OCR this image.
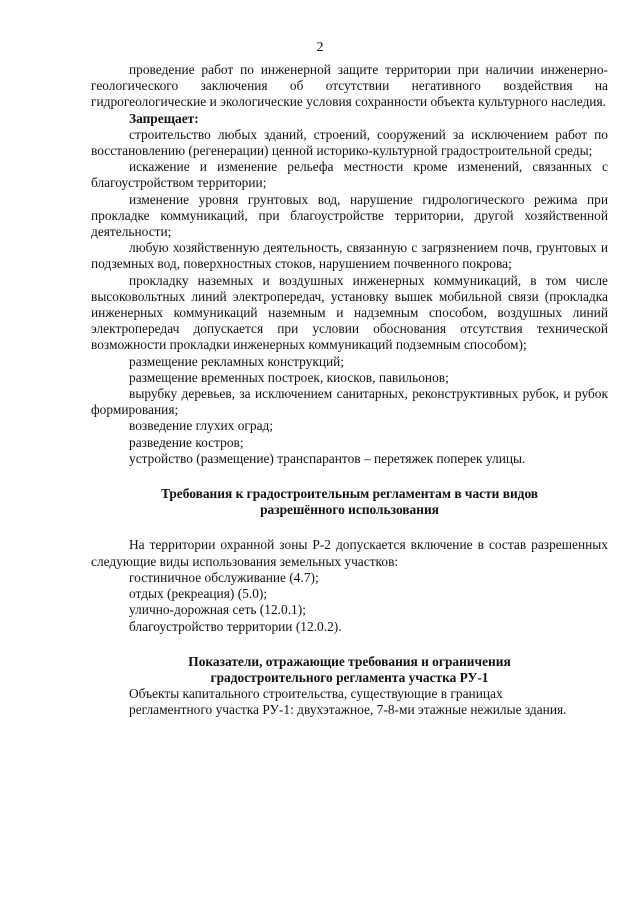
2

проведение работ по инженерной защите территории при наличии инженерно-геологического заключения об отсутствии негативного воздействия на гидрогеологические и экологические условия сохранности объекта культурного наследия.

Запрещает:

строительство любых зданий, строений, сооружений за исключением работ по восстановлению (регенерации) ценной историко-культурной градостроительной среды;

искажение и изменение рельефа местности кроме изменений, связанных с благоустройством территории;

изменение уровня грунтовых вод, нарушение гидрологического режима при прокладке коммуникаций, при благоустройстве территории, другой хозяйственной деятельности;

любую хозяйственную деятельность, связанную с загрязнением почв, грунтовых и подземных вод, поверхностных стоков, нарушением почвенного покрова;

прокладку наземных и воздушных инженерных коммуникаций, в том числе высоковольтных линий электропередач, установку вышек мобильной связи (прокладка инженерных коммуникаций наземным и надземным способом, воздушных линий электропередач допускается при условии обоснования отсутствия технической возможности прокладки инженерных коммуникаций подземным способом);

размещение рекламных конструкций;

размещение временных построек, киосков, павильонов;

вырубку деревьев, за исключением санитарных, реконструктивных рубок, и рубок формирования;

возведение глухих оград;

разведение костров;

устройство (размещение) транспарантов – перетяжек поперек улицы.

Требования к градостроительным регламентам в части видов

разрешённого использования

На территории охранной зоны Р-2 допускается включение в состав разрешенных следующие виды использования земельных участков:

гостиничное обслуживание (4.7);

отдых (рекреация) (5.0);

улично-дорожная сеть (12.0.1);

благоустройство территории (12.0.2).

Показатели, отражающие требования и ограничения

градостроительного регламента участка РУ-1

Объекты капитального строительства, существующие в границах

регламентного участка РУ-1: двухэтажное, 7-8-ми этажные нежилые здания.
